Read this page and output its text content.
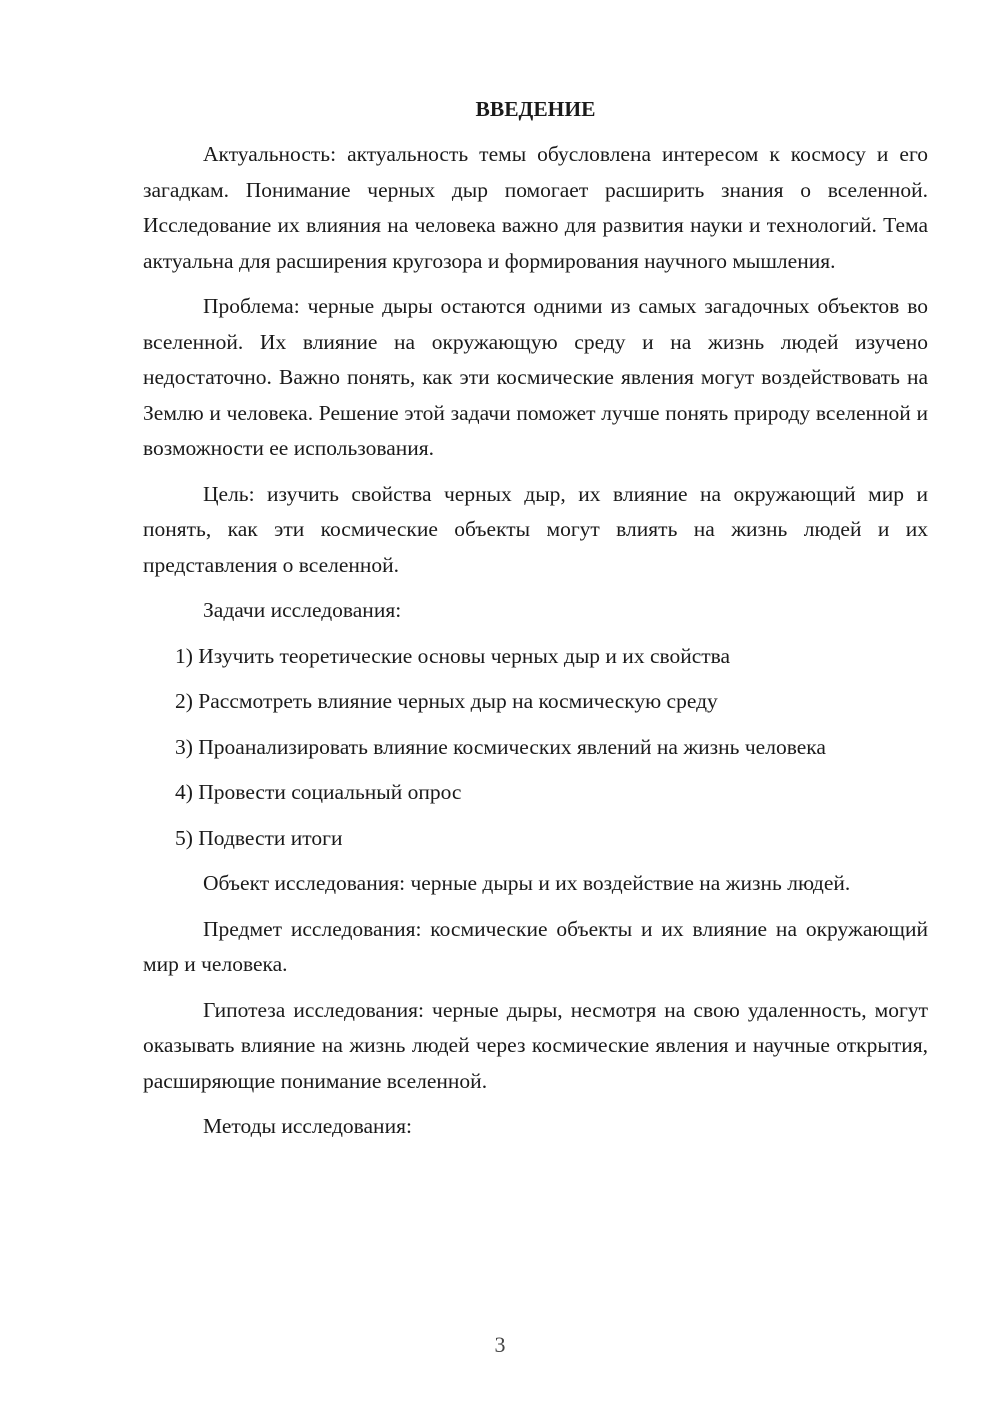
ВВЕДЕНИЕ

Актуальность: актуальность темы обусловлена интересом к космосу и его загадкам. Понимание черных дыр помогает расширить знания о вселенной. Исследование их влияния на человека важно для развития науки и технологий. Тема актуальна для расширения кругозора и формирования научного мышления.

Проблема: черные дыры остаются одними из самых загадочных объектов во вселенной. Их влияние на окружающую среду и на жизнь людей изучено недостаточно. Важно понять, как эти космические явления могут воздействовать на Землю и человека. Решение этой задачи поможет лучше понять природу вселенной и возможности ее использования.

Цель: изучить свойства черных дыр, их влияние на окружающий мир и понять, как эти космические объекты могут влиять на жизнь людей и их представления о вселенной.

Задачи исследования:

1) Изучить теоретические основы черных дыр и их свойства
2) Рассмотреть влияние черных дыр на космическую среду
3) Проанализировать влияние космических явлений на жизнь человека
4) Провести социальный опрос
5) Подвести итоги

Объект исследования: черные дыры и их воздействие на жизнь людей.

Предмет исследования: космические объекты и их влияние на окружающий мир и человека.

Гипотеза исследования: черные дыры, несмотря на свою удаленность, могут оказывать влияние на жизнь людей через космические явления и научные открытия, расширяющие понимание вселенной.

Методы исследования:

3
